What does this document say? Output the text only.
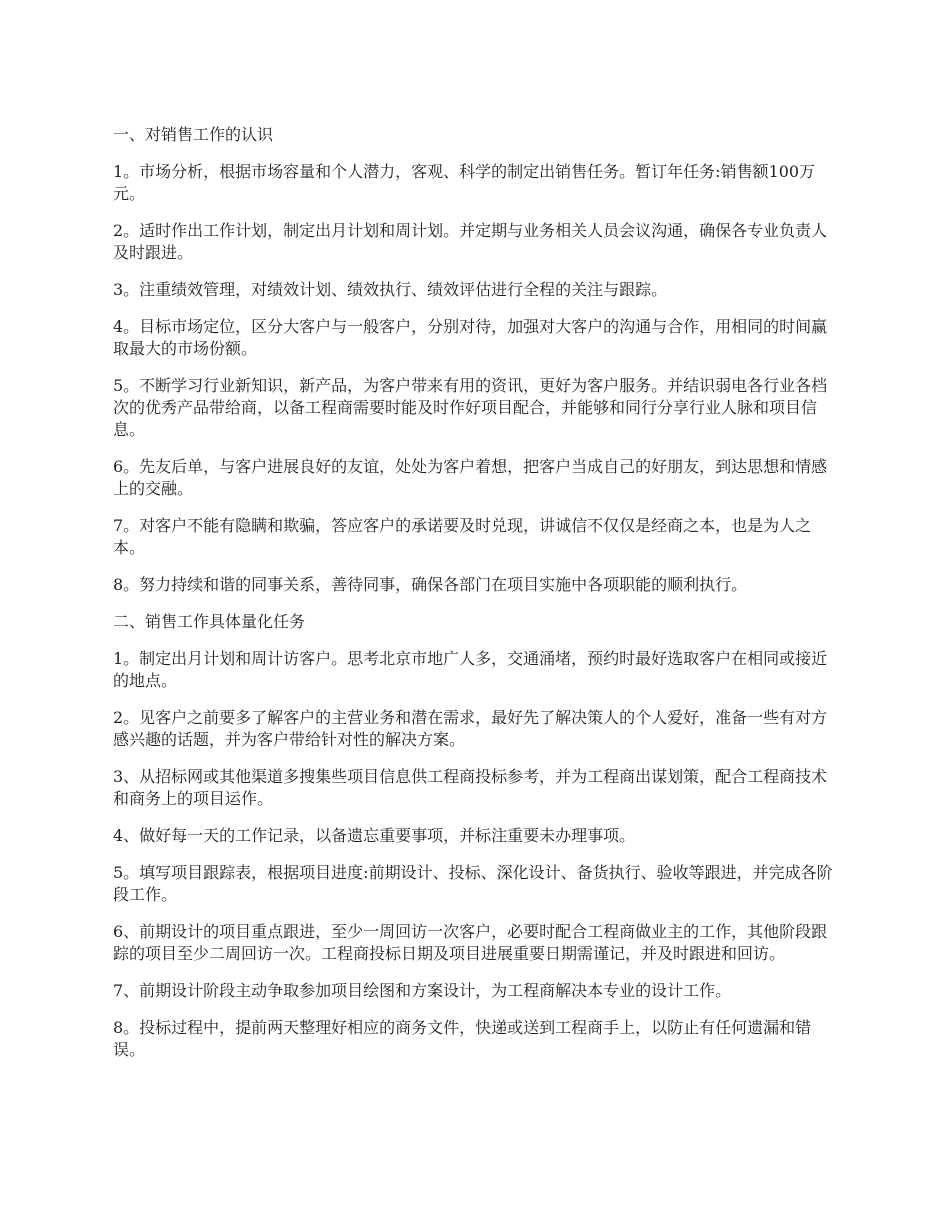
一、对销售工作的认识

1。市场分析，根据市场容量和个人潜力，客观、科学的制定出销售任务。暂订年任务:销售额100万元。

2。适时作出工作计划，制定出月计划和周计划。并定期与业务相关人员会议沟通，确保各专业负责人及时跟进。

3。注重绩效管理，对绩效计划、绩效执行、绩效评估进行全程的关注与跟踪。

4。目标市场定位，区分大客户与一般客户，分别对待，加强对大客户的沟通与合作，用相同的时间赢取最大的市场份额。

5。不断学习行业新知识，新产品，为客户带来有用的资讯，更好为客户服务。并结识弱电各行业各档次的优秀产品带给商，以备工程商需要时能及时作好项目配合，并能够和同行分享行业人脉和项目信息。

6。先友后单，与客户进展良好的友谊，处处为客户着想，把客户当成自己的好朋友，到达思想和情感上的交融。

7。对客户不能有隐瞒和欺骗，答应客户的承诺要及时兑现，讲诚信不仅仅是经商之本，也是为人之本。

8。努力持续和谐的同事关系，善待同事，确保各部门在项目实施中各项职能的顺利执行。

二、销售工作具体量化任务

1。制定出月计划和周计访客户。思考北京市地广人多，交通涌堵，预约时最好选取客户在相同或接近的地点。

2。见客户之前要多了解客户的主营业务和潜在需求，最好先了解决策人的个人爱好，准备一些有对方感兴趣的话题，并为客户带给针对性的解决方案。

3、从招标网或其他渠道多搜集些项目信息供工程商投标参考，并为工程商出谋划策，配合工程商技术和商务上的项目运作。

4、做好每一天的工作记录，以备遗忘重要事项，并标注重要未办理事项。

5。填写项目跟踪表，根据项目进度:前期设计、投标、深化设计、备货执行、验收等跟进，并完成各阶段工作。

6、前期设计的项目重点跟进，至少一周回访一次客户，必要时配合工程商做业主的工作，其他阶段跟踪的项目至少二周回访一次。工程商投标日期及项目进展重要日期需谨记，并及时跟进和回访。

7、前期设计阶段主动争取参加项目绘图和方案设计，为工程商解决本专业的设计工作。

8。投标过程中，提前两天整理好相应的商务文件，快递或送到工程商手上，以防止有任何遗漏和错误。
